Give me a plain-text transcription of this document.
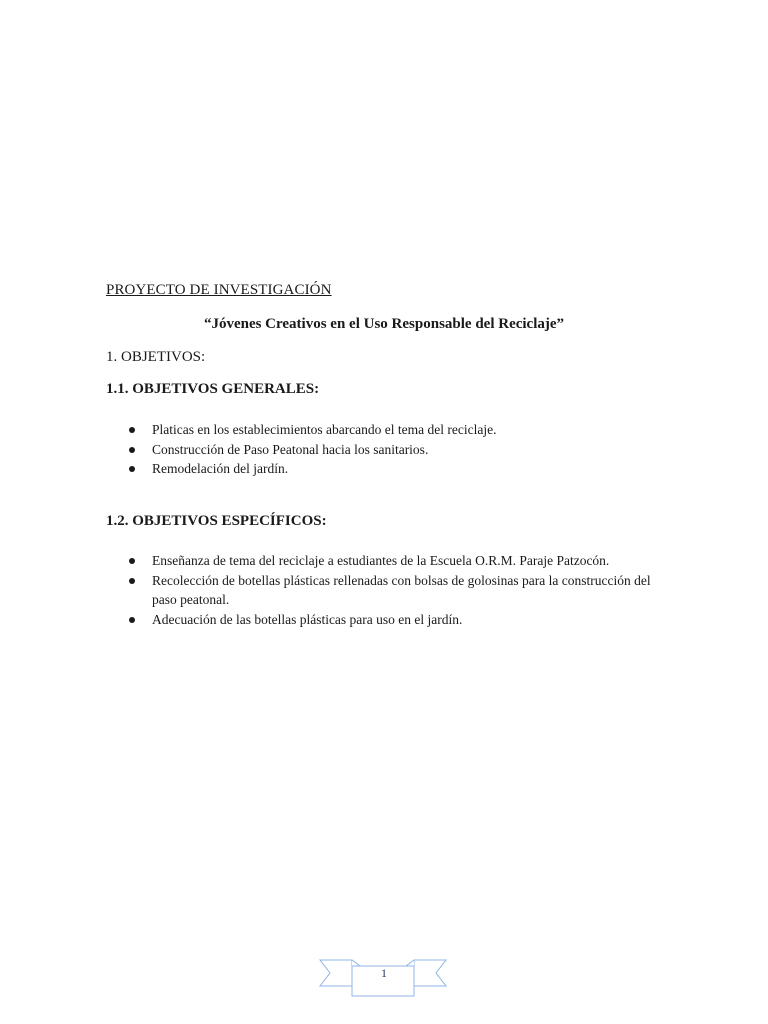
PROYECTO DE INVESTIGACIÓN
“Jóvenes Creativos en el Uso Responsable del Reciclaje”
1. OBJETIVOS:
1.1. OBJETIVOS GENERALES:
Platicas en los establecimientos abarcando el tema del reciclaje.
Construcción de Paso Peatonal hacia los sanitarios.
Remodelación del jardín.
1.2. OBJETIVOS ESPECÍFICOS:
Enseñanza de tema del reciclaje a estudiantes de la Escuela O.R.M. Paraje Patzocón.
Recolección de botellas plásticas rellenadas con bolsas de golosinas para la construcción del paso peatonal.
Adecuación de las botellas plásticas para uso en el jardín.
1
